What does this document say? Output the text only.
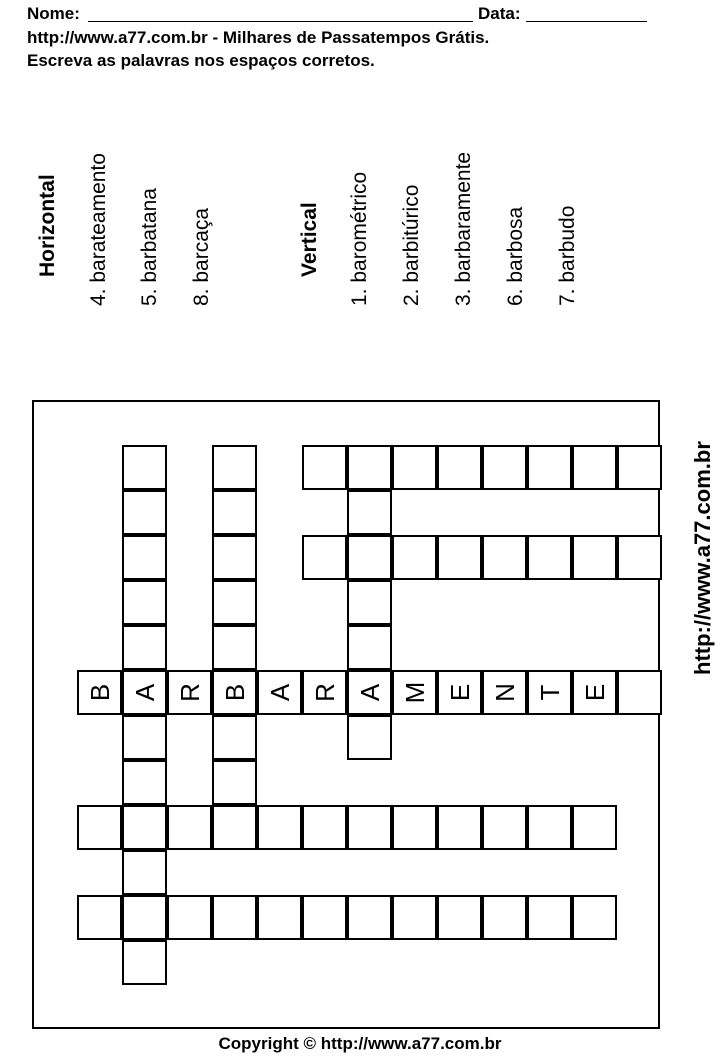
Nome:	Data:
http://www.a77.com.br - Milhares de Passatempos Grátis.
Escreva as palavras nos espaços corretos.
Horizontal 4. barateamento 5. barbatana 8. barcaça	Vertical 1. barométrico 2. barbitúrico 3. barbaramente 6. barbosa 7. barbudo
http://www.a77.com.br
B A R B A R A M E N T E
Copyright © http://www.a77.com.br
